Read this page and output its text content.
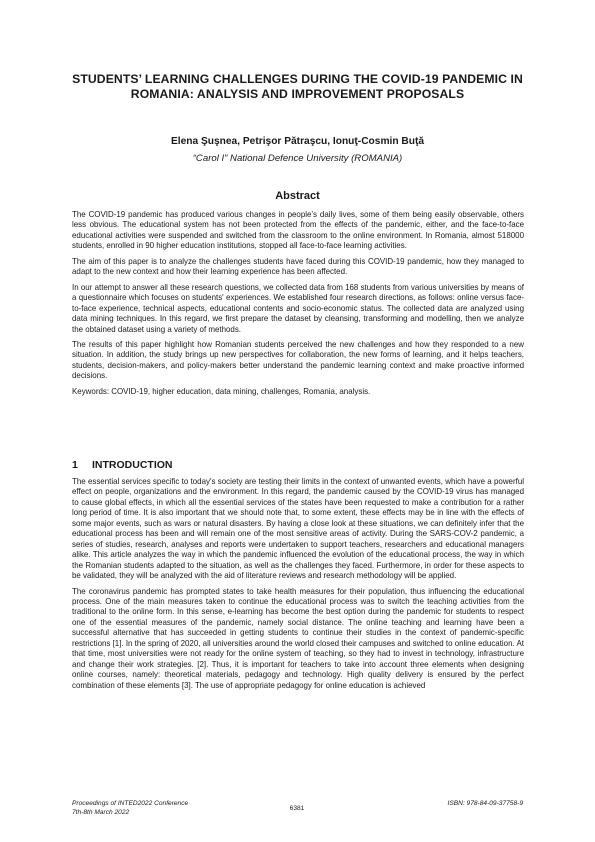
STUDENTS’ LEARNING CHALLENGES DURING THE COVID-19 PANDEMIC IN ROMANIA: ANALYSIS AND IMPROVEMENT PROPOSALS
Elena Şuşnea, Petrişor Pătraşcu, Ionuţ-Cosmin Buţă
“Carol I” National Defence University (ROMANIA)
Abstract

The COVID-19 pandemic has produced various changes in people’s daily lives, some of them being easily observable, others less obvious. The educational system has not been protected from the effects of the pandemic, either, and the face-to-face educational activities were suspended and switched from the classroom to the online environment. In Romania, almost 518000 students, enrolled in 90 higher education institutions, stopped all face-to-face learning activities.

The aim of this paper is to analyze the challenges students have faced during this COVID-19 pandemic, how they managed to adapt to the new context and how their learning experience has been affected.

In our attempt to answer all these research questions, we collected data from 168 students from various universities by means of a questionnaire which focuses on students' experiences. We established four research directions, as follows: online versus face-to-face experience, technical aspects, educational contents and socio-economic status. The collected data are analyzed using data mining techniques. In this regard, we first prepare the dataset by cleansing, transforming and modelling, then we analyze the obtained dataset using a variety of methods.

The results of this paper highlight how Romanian students perceived the new challenges and how they responded to a new situation. In addition, the study brings up new perspectives for collaboration, the new forms of learning, and it helps teachers, students, decision-makers, and policy-makers better understand the pandemic learning context and make proactive informed decisions.

Keywords: COVID-19, higher education, data mining, challenges, Romania, analysis.

1 INTRODUCTION

The essential services specific to today's society are testing their limits in the context of unwanted events, which have a powerful effect on people, organizations and the environment. In this regard, the pandemic caused by the COVID-19 virus has managed to cause global effects, in which all the essential services of the states have been requested to make a contribution for a rather long period of time. It is also important that we should note that, to some extent, these effects may be in line with the effects of some major events, such as wars or natural disasters. By having a close look at these situations, we can definitely infer that the educational process has been and will remain one of the most sensitive areas of activity. During the SARS-COV-2 pandemic, a series of studies, research, analyses and reports were undertaken to support teachers, researchers and educational managers alike. This article analyzes the way in which the pandemic influenced the evolution of the educational process, the way in which the Romanian students adapted to the situation, as well as the challenges they faced. Furthermore, in order for these aspects to be validated, they will be analyzed with the aid of literature reviews and research methodology will be applied.

The coronavirus pandemic has prompted states to take health measures for their population, thus influencing the educational process. One of the main measures taken to continue the educational process was to switch the teaching activities from the traditional to the online form. In this sense, e-learning has become the best option during the pandemic for students to respect one of the essential measures of the pandemic, namely social distance. The online teaching and learning have been a successful alternative that has succeeded in getting students to continue their studies in the context of pandemic-specific restrictions [1]. In the spring of 2020, all universities around the world closed their campuses and switched to online education. At that time, most universities were not ready for the online system of teaching, so they had to invest in technology, infrastructure and change their work strategies. [2]. Thus, it is important for teachers to take into account three elements when designing online courses, namely: theoretical materials, pedagogy and technology. High quality delivery is ensured by the perfect combination of these elements [3]. The use of appropriate pedagogy for online education is achieved

Proceedings of INTED2022 Conference
7th-8th March 2022	6381
ISBN: 978-84-09-37758-9
